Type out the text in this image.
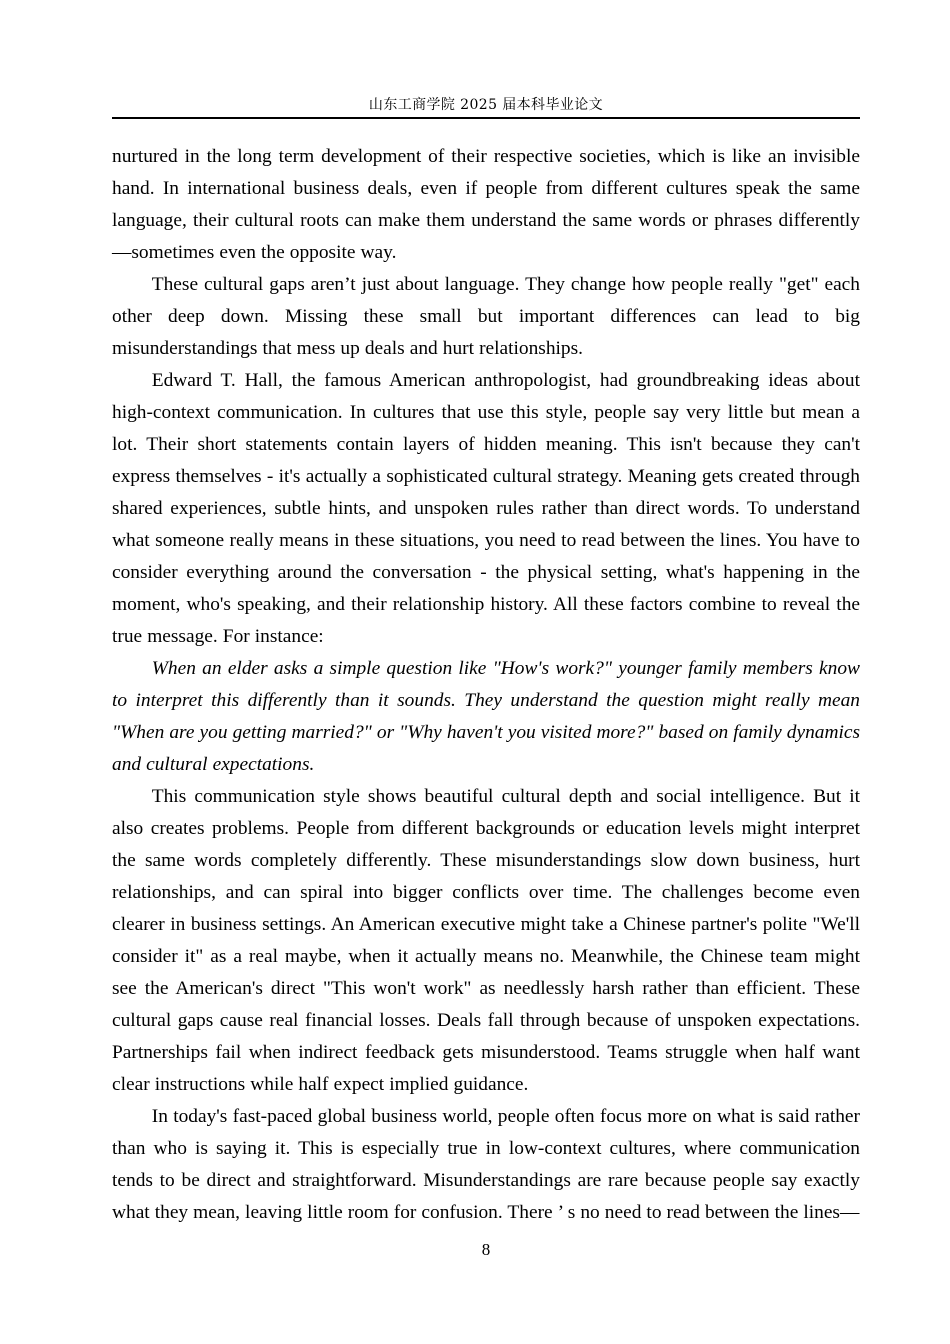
山东工商学院 2025 届本科毕业论文

nurtured in the long term development of their respective societies, which is like an invisible hand. In international business deals, even if people from different cultures speak the same language, their cultural roots can make them understand the same words or phrases differently—sometimes even the opposite way.

These cultural gaps aren’t just about language. They change how people really "get" each other deep down. Missing these small but important differences can lead to big misunderstandings that mess up deals and hurt relationships.

Edward T. Hall, the famous American anthropologist, had groundbreaking ideas about high-context communication. In cultures that use this style, people say very little but mean a lot. Their short statements contain layers of hidden meaning. This isn't because they can't express themselves - it's actually a sophisticated cultural strategy. Meaning gets created through shared experiences, subtle hints, and unspoken rules rather than direct words. To understand what someone really means in these situations, you need to read between the lines. You have to consider everything around the conversation - the physical setting, what's happening in the moment, who's speaking, and their relationship history. All these factors combine to reveal the true message. For instance:

When an elder asks a simple question like "How's work?" younger family members know to interpret this differently than it sounds. They understand the question might really mean "When are you getting married?" or "Why haven't you visited more?" based on family dynamics and cultural expectations.

This communication style shows beautiful cultural depth and social intelligence. But it also creates problems. People from different backgrounds or education levels might interpret the same words completely differently. These misunderstandings slow down business, hurt relationships, and can spiral into bigger conflicts over time. The challenges become even clearer in business settings. An American executive might take a Chinese partner's polite "We'll consider it" as a real maybe, when it actually means no. Meanwhile, the Chinese team might see the American's direct "This won't work" as needlessly harsh rather than efficient. These cultural gaps cause real financial losses. Deals fall through because of unspoken expectations. Partnerships fail when indirect feedback gets misunderstood. Teams struggle when half want clear instructions while half expect implied guidance.

In today's fast-paced global business world, people often focus more on what is said rather than who is saying it. This is especially true in low-context cultures, where communication tends to be direct and straightforward. Misunderstandings are rare because people say exactly what they mean, leaving little room for confusion. There ’ s no need to read between the lines—

8
